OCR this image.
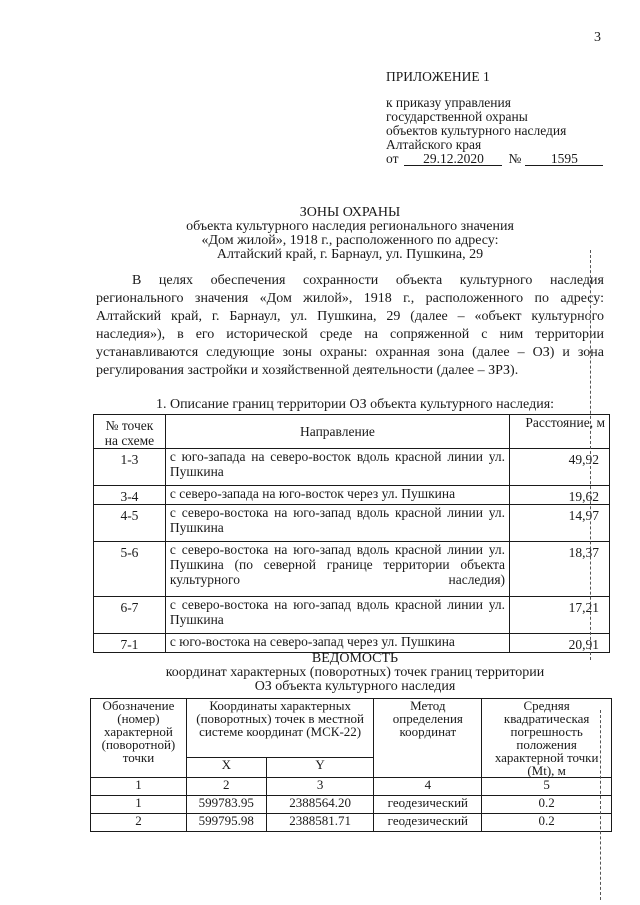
3
ПРИЛОЖЕНИЕ 1
к приказу управления
государственной охраны
объектов культурного наследия
Алтайского края
от	29.12.2020	№	1595
ЗОНЫ ОХРАНЫ
объекта культурного наследия регионального значения
«Дом жилой», 1918 г., расположенного по адресу:
Алтайский край, г. Барнаул, ул. Пушкина, 29

В целях обеспечения сохранности объекта культурного наследия регионального значения «Дом жилой», 1918 г., расположенного по адресу: Алтайский край, г. Барнаул, ул. Пушкина, 29 (далее – «объект культурного наследия»), в его исторической среде на сопряженной с ним территории устанавливаются следующие зоны охраны: охранная зона (далее – ОЗ) и зона регулирования застройки и хозяйственной деятельности (далее – ЗРЗ).

1. Описание границ территории ОЗ объекта культурного наследия:
№ точек на схеме	Направление	Расстояние, м
1-3	с юго-запада на северо-восток вдоль красной линии ул. Пушкина	49,92
3-4	с северо-запада на юго-восток через ул. Пушкина	19,62
4-5	с северо-востока на юго-запад вдоль красной линии ул. Пушкина	14,97
5-6	с северо-востока на юго-запад вдоль красной линии ул. Пушкина (по северной границе территории объекта культурного наследия)	18,37
6-7	с северо-востока на юго-запад вдоль красной линии ул. Пушкина	17,21
7-1	с юго-востока на северо-запад через ул. Пушкина	20,91
ВЕДОМОСТЬ
координат характерных (поворотных) точек границ территории
ОЗ объекта культурного наследия
Обозначение (номер) характерной (поворотной) точки	Координаты характерных (поворотных) точек в местной системе координат (МСК-22)		Метод определения координат	Средняя квадратическая погрешность положения характерной точки (Mt), м
	X	Y		
1	2	3	4	5
1	599783.95	2388564.20	геодезический	0.2
2	599795.98	2388581.71	геодезический	0.2
